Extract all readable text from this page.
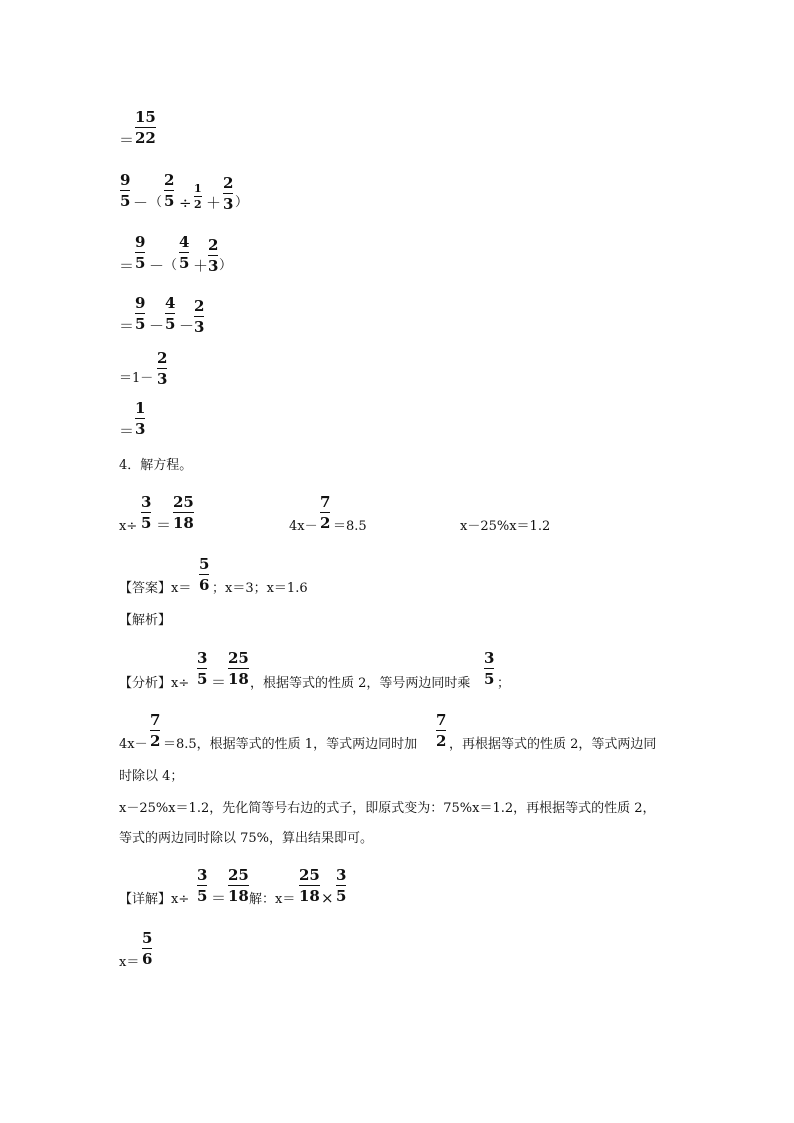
＝
15
22
9
5 － （
2
5 ÷
1
2 ＋
2
3 ）
＝
9
5 － （
4
5 ＋
2
3 ）
＝
9
5 －
4
5 －
2
3
＝1－
2
3
＝
1
3
4．解方程。
x÷
3
5 ＝
25
18	4x－
7
2 ＝8.5	x－25%x＝1.2
【答案】x＝
5
6 ；x＝3；x＝1.6
【解析】
【分析】x÷
3
5 ＝
25
18 ，根据等式的性质 2，等号两边同时乘
3
5 ；
4x－
7
2 ＝8.5，根据等式的性质 1，等式两边同时加
7
2 ，再根据等式的性质 2，等式两边同
时除以 4；
x－25%x＝1.2，先化简等号右边的式子，即原式变为：75%x＝1.2，再根据等式的性质 2，
等式的两边同时除以 75%，算出结果即可。
【详解】x÷
3
5 ＝
25
18 解：x＝
25
18 ×
3
5
x＝
5
6
